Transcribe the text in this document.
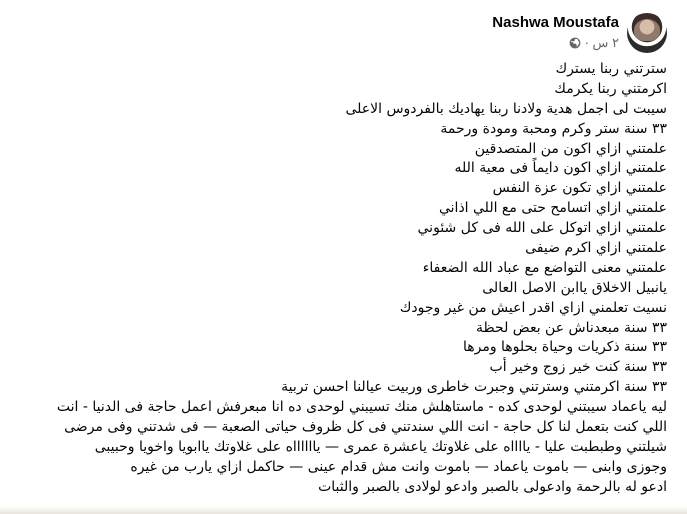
Nashwa Moustafa
٢ س ·
سترتني ربنا يسترك
اكرمتني ربنا يكرمك
سيبت لى اجمل هدية ولادنا ربنا يهاديك بالفردوس الاعلى
٣٣ سنة ستر وكرم ومحبة ومودة ورحمة
علمتني ازاي اكون من المتصدقين
علمتني ازاي اكون دايماً فى معية الله
علمتني ازاي تكون عزة النفس
علمتني ازاي اتسامح حتى مع اللي اذاني
علمتني ازاي اتوكل على الله فى كل شئوني
علمتني ازاي اكرم ضيفى
علمتني معنى التواضع مع عباد الله الضعفاء
يانبيل الاخلاق ياابن الاصل العالى
نسيت تعلمني ازاي اقدر اعيش من غير وجودك
٣٣ سنة مبعدناش عن بعض لحظة
٣٣ سنة ذكريات وحياة بحلوها ومرها
٣٣ سنة كنت خير زوج وخير أب
٣٣ سنة اكرمتني وسترتني وجبرت خاطرى وربيت عيالنا احسن تربية
ليه ياعماد سيبتني لوحدى كده - ماستاهلش منك تسيبني لوحدى ده انا مبعرفش اعمل حاجة فى الدنيا - انت
اللي كنت بتعمل لنا كل حاجة - انت اللي سندتني فى كل ظروف حياتى الصعبة — فى شدتني وفى مرضى
شيلتني وطبطبت عليا - يااااه على غلاوتك ياعشرة عمرى — يااااااه على غلاوتك ياابويا واخويا وحبيبى
وجوزى وابنى — باموت ياعماد — باموت وانت مش قدام عينى — حاكمل ازاي يارب من غيره
ادعو له بالرحمة وادعولى بالصبر وادعو لولادى بالصبر والثبات
